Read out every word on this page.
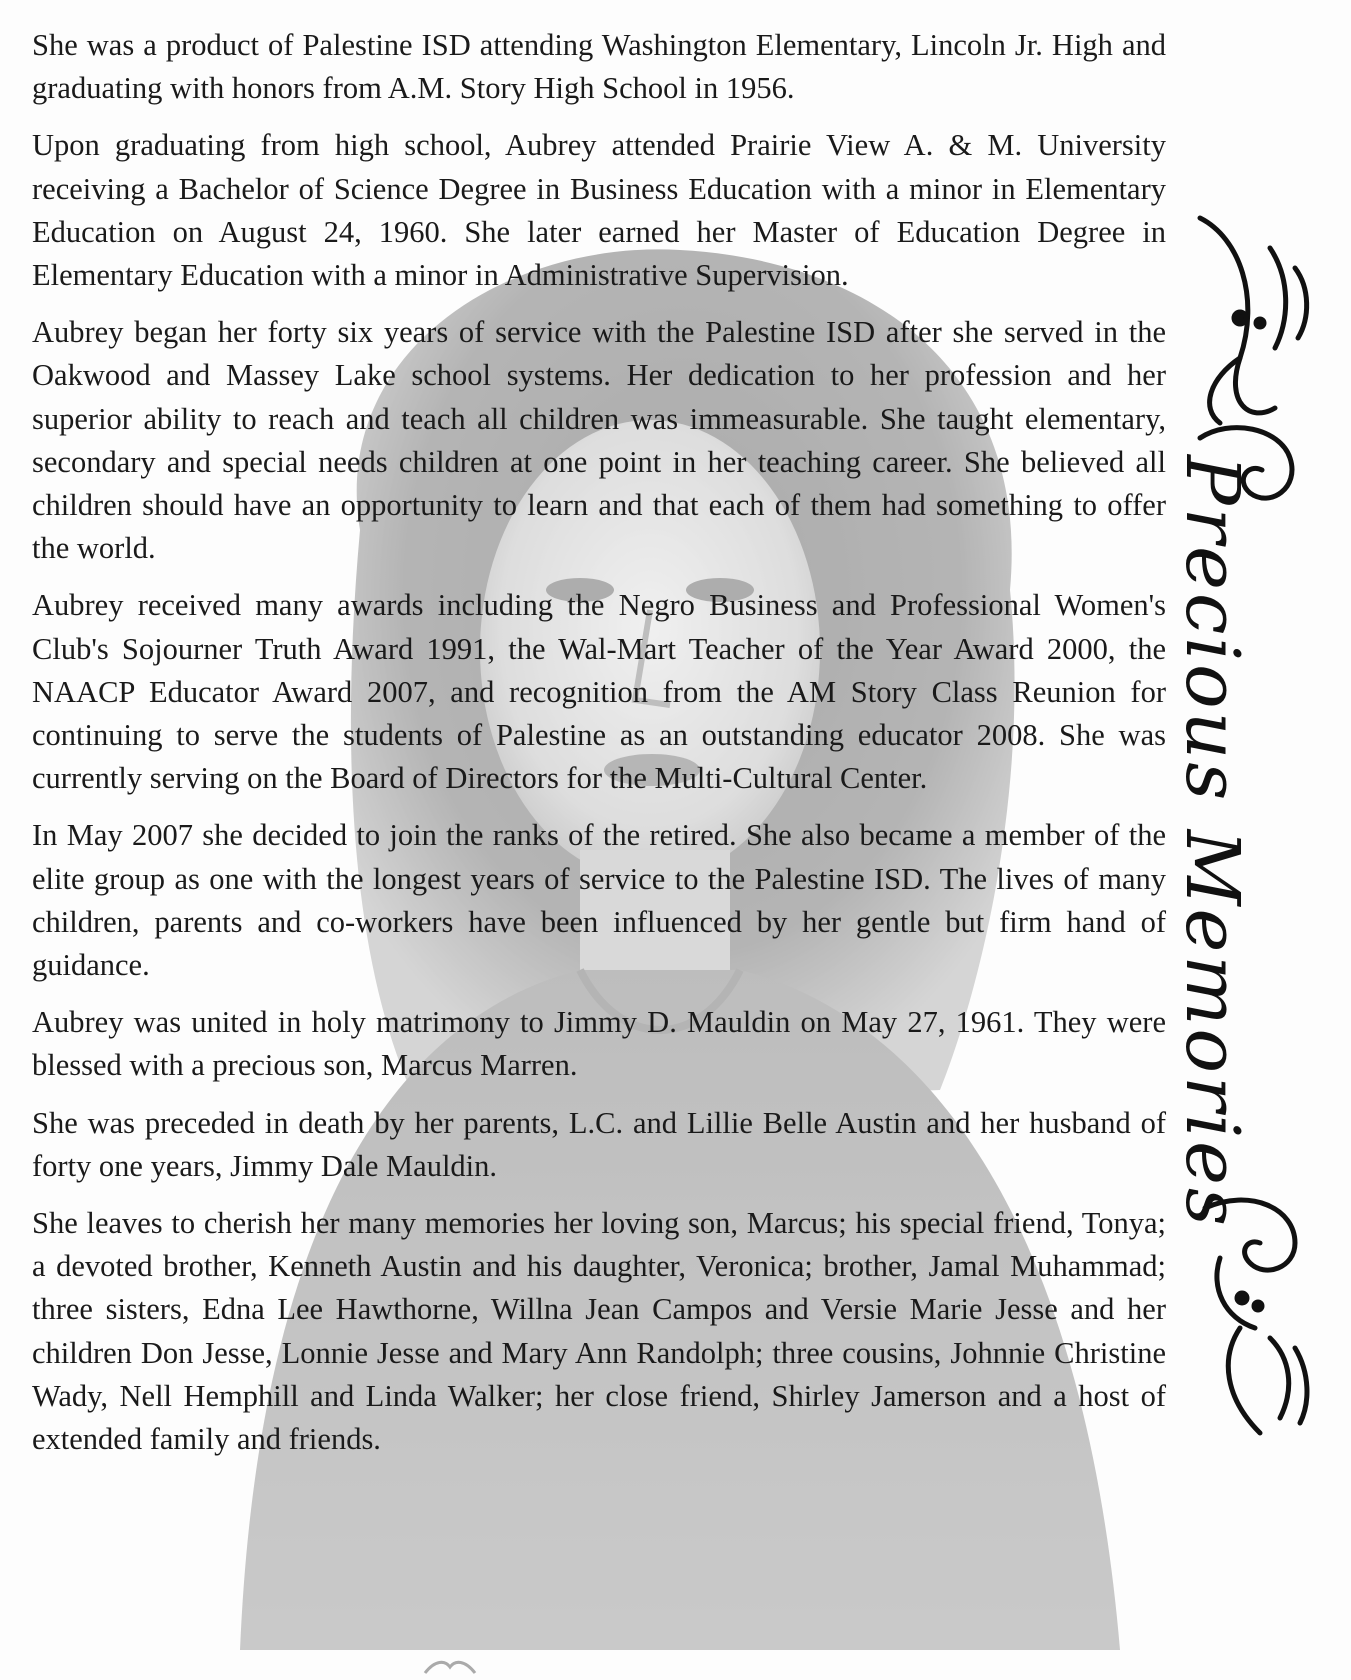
She was a product of Palestine ISD attending Washington Elementary, Lincoln Jr. High and graduating with honors from A.M. Story High School in 1956.

Upon graduating from high school, Aubrey attended Prairie View A. & M. University receiving a Bachelor of Science Degree in Business Education with a minor in Elementary Education on August 24, 1960. She later earned her Master of Education Degree in Elementary Education with a minor in Administrative Supervision.

Aubrey began her forty six years of service with the Palestine ISD after she served in the Oakwood and Massey Lake school systems. Her dedication to her profession and her superior ability to reach and teach all children was immeasurable. She taught elementary, secondary and special needs children at one point in her teaching career. She believed all children should have an opportunity to learn and that each of them had something to offer the world.

Aubrey received many awards including the Negro Business and Professional Women's Club's Sojourner Truth Award 1991, the Wal-Mart Teacher of the Year Award 2000, the NAACP Educator Award 2007, and recognition from the AM Story Class Reunion for continuing to serve the students of Palestine as an outstanding educator 2008. She was currently serving on the Board of Directors for the Multi-Cultural Center.

In May 2007 she decided to join the ranks of the retired. She also became a member of the elite group as one with the longest years of service to the Palestine ISD. The lives of many children, parents and co-workers have been influenced by her gentle but firm hand of guidance.

Aubrey was united in holy matrimony to Jimmy D. Mauldin on May 27, 1961. They were blessed with a precious son, Marcus Marren.

She was preceded in death by her parents, L.C. and Lillie Belle Austin and her husband of forty one years, Jimmy Dale Mauldin.

She leaves to cherish her many memories her loving son, Marcus; his special friend, Tonya; a devoted brother, Kenneth Austin and his daughter, Veronica; brother, Jamal Muhammad; three sisters, Edna Lee Hawthorne, Willna Jean Campos and Versie Marie Jesse and her children Don Jesse, Lonnie Jesse and Mary Ann Randolph; three cousins, Johnnie Christine Wady, Nell Hemphill and Linda Walker; her close friend, Shirley Jamerson and a host of extended family and friends.

Precious Memories
